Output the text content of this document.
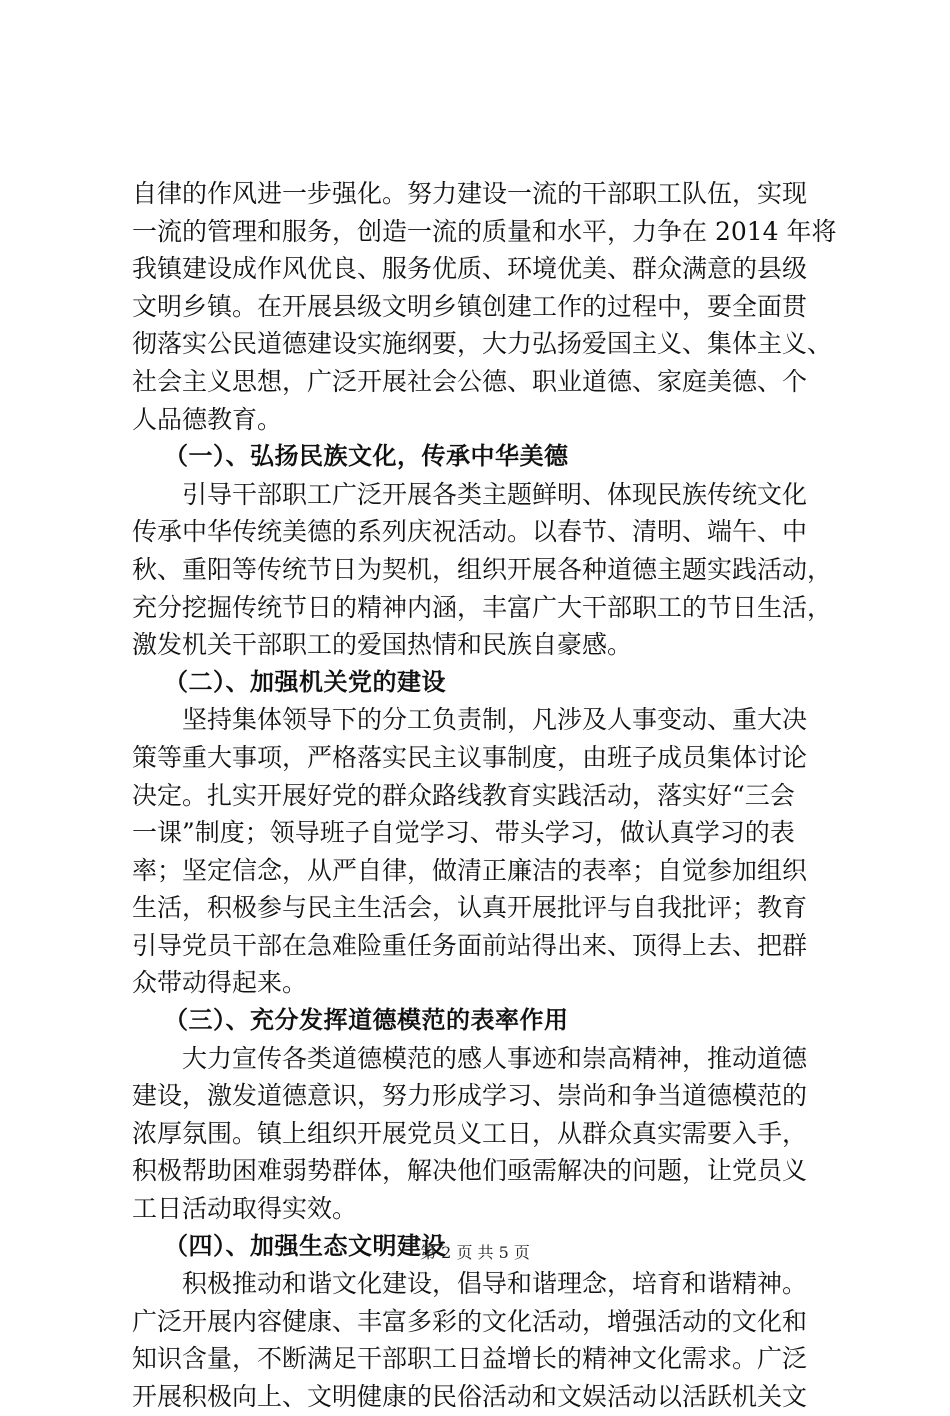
自律的作风进一步强化。努力建设一流的干部职工队伍，实现
一流的管理和服务，创造一流的质量和水平，力争在 2014 年将
我镇建设成作风优良、服务优质、环境优美、群众满意的县级
文明乡镇。在开展县级文明乡镇创建工作的过程中，要全面贯
彻落实公民道德建设实施纲要，大力弘扬爱国主义、集体主义、
社会主义思想，广泛开展社会公德、职业道德、家庭美德、个
人品德教育。
（一）、弘扬民族文化，传承中华美德
引导干部职工广泛开展各类主题鲜明、体现民族传统文化
传承中华传统美德的系列庆祝活动。以春节、清明、端午、中
秋、重阳等传统节日为契机，组织开展各种道德主题实践活动，
充分挖掘传统节日的精神内涵，丰富广大干部职工的节日生活，
激发机关干部职工的爱国热情和民族自豪感。
（二）、加强机关党的建设
坚持集体领导下的分工负责制，凡涉及人事变动、重大决
策等重大事项，严格落实民主议事制度，由班子成员集体讨论
决定。扎实开展好党的群众路线教育实践活动，落实好“三会
一课”制度；领导班子自觉学习、带头学习，做认真学习的表
率；坚定信念，从严自律，做清正廉洁的表率；自觉参加组织
生活，积极参与民主生活会，认真开展批评与自我批评；教育
引导党员干部在急难险重任务面前站得出来、顶得上去、把群
众带动得起来。
（三）、充分发挥道德模范的表率作用
大力宣传各类道德模范的感人事迹和崇高精神，推动道德
建设，激发道德意识，努力形成学习、崇尚和争当道德模范的
浓厚氛围。镇上组织开展党员义工日，从群众真实需要入手，
积极帮助困难弱势群体，解决他们亟需解决的问题，让党员义
工日活动取得实效。
（四）、加强生态文明建设
积极推动和谐文化建设，倡导和谐理念，培育和谐精神。
广泛开展内容健康、丰富多彩的文化活动，增强活动的文化和
知识含量，不断满足干部职工日益增长的精神文化需求。广泛
开展积极向上、文明健康的民俗活动和文娱活动以活跃机关文
第 2 页 共 5 页
